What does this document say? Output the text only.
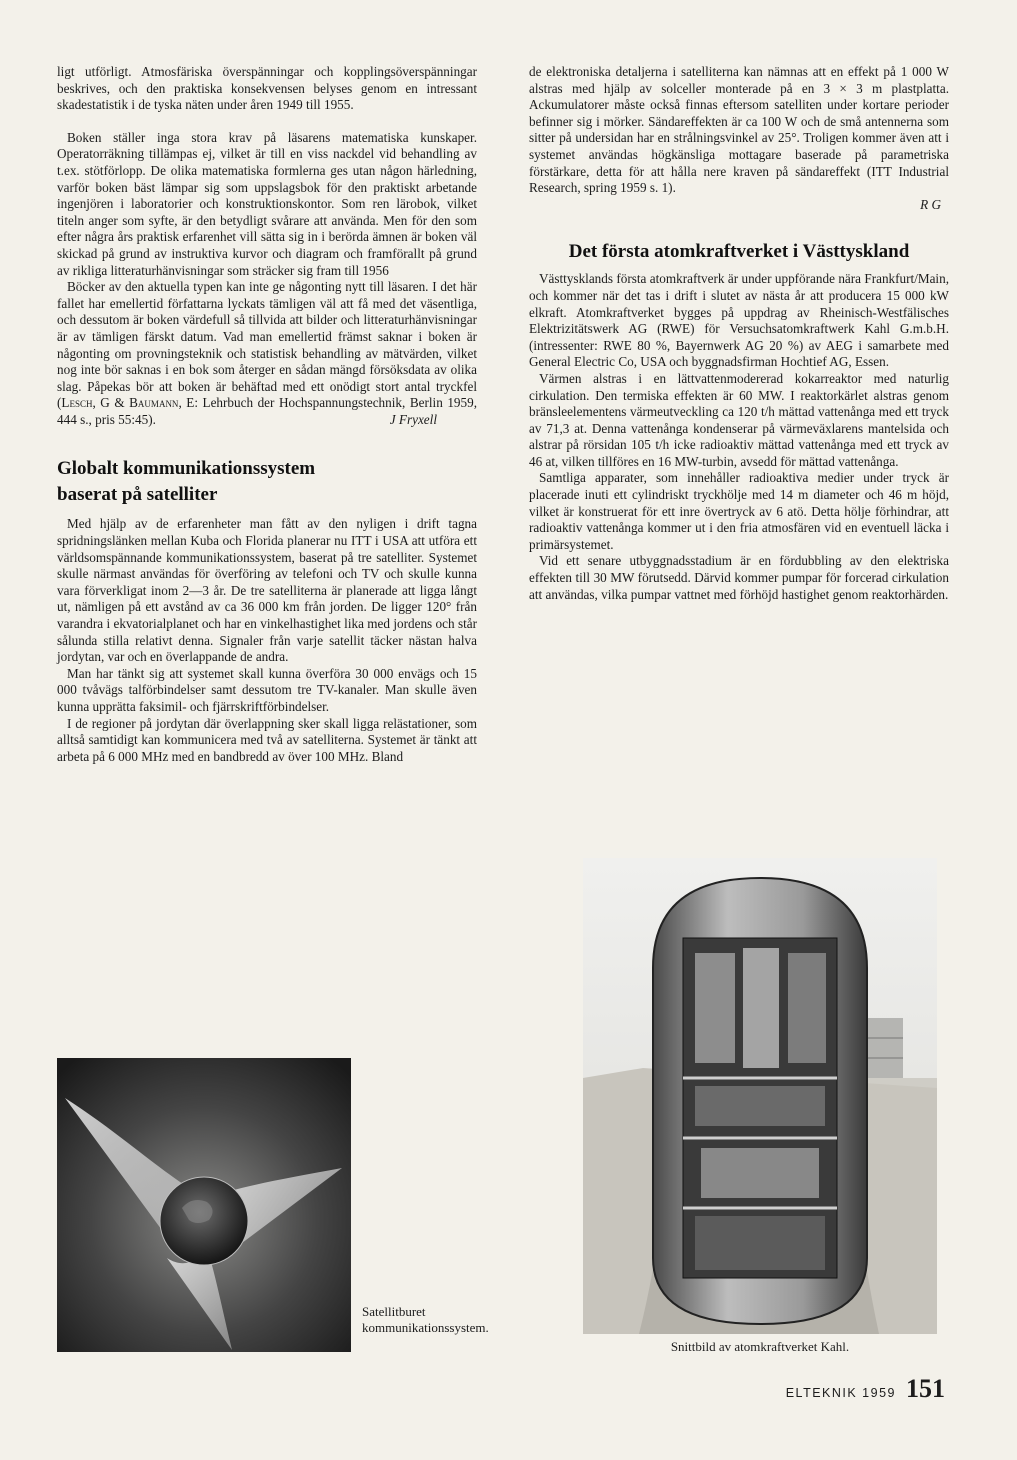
ligt utförligt. Atmosfäriska överspänningar och kopplingsöverspänningar beskrives, och den praktiska konsekvensen belyses genom en intressant skadestatistik i de tyska näten under åren 1949 till 1955.

Boken ställer inga stora krav på läsarens matematiska kunskaper. Operatorräkning tillämpas ej, vilket är till en viss nackdel vid behandling av t.ex. stötförlopp. De olika matematiska formlerna ges utan någon härledning, varför boken bäst lämpar sig som uppslagsbok för den praktiskt arbetande ingenjören i laboratorier och konstruktionskontor. Som ren lärobok, vilket titeln anger som syfte, är den betydligt svårare att använda. Men för den som efter några års praktisk erfarenhet vill sätta sig in i berörda ämnen är boken väl skickad på grund av instruktiva kurvor och diagram och framförallt på grund av rikliga litteraturhänvisningar som sträcker sig fram till 1956

Böcker av den aktuella typen kan inte ge någonting nytt till läsaren. I det här fallet har emellertid författarna lyckats tämligen väl att få med det väsentliga, och dessutom är boken värdefull så tillvida att bilder och litteraturhänvisningar är av tämligen färskt datum. Vad man emellertid främst saknar i boken är någonting om provningsteknik och statistisk behandling av mätvärden, vilket nog inte bör saknas i en bok som återger en sådan mängd försöksdata av olika slag. Påpekas bör att boken är behäftad med ett onödigt stort antal tryckfel (Lesch, G & Baumann, E: Lehrbuch der Hochspannungstechnik, Berlin 1959, 444 s., pris 55:45).	J Fryxell

Globalt kommunikationssystem baserat på satelliter

Med hjälp av de erfarenheter man fått av den nyligen i drift tagna spridningslänken mellan Kuba och Florida planerar nu ITT i USA att utföra ett världsomspännande kommunikationssystem, baserat på tre satelliter. Systemet skulle närmast användas för överföring av telefoni och TV och skulle kunna vara förverkligat inom 2—3 år. De tre satelliterna är planerade att ligga långt ut, nämligen på ett avstånd av ca 36 000 km från jorden. De ligger 120° från varandra i ekvatorialplanet och har en vinkelhastighet lika med jordens och står sålunda stilla relativt denna. Signaler från varje satellit täcker nästan halva jordytan, var och en överlappande de andra.

Man har tänkt sig att systemet skall kunna överföra 30 000 envägs och 15 000 tvåvägs talförbindelser samt dessutom tre TV-kanaler. Man skulle även kunna upprätta faksimil- och fjärrskriftförbindelser.

I de regioner på jordytan där överlappning sker skall ligga relästationer, som alltså samtidigt kan kommunicera med två av satelliterna. Systemet är tänkt att arbeta på 6 000 MHz med en bandbredd av över 100 MHz. Bland

de elektroniska detaljerna i satelliterna kan nämnas att en effekt på 1 000 W alstras med hjälp av solceller monterade på en 3 × 3 m plastplatta. Ackumulatorer måste också finnas eftersom satelliten under kortare perioder befinner sig i mörker. Sändareffekten är ca 100 W och de små antennerna som sitter på undersidan har en strålningsvinkel av 25°. Troligen kommer även att i systemet användas högkänsliga mottagare baserade på parametriska förstärkare, detta för att hålla nere kraven på sändareffekt (ITT Industrial Research, spring 1959 s. 1).

R G

Det första atomkraftverket i Västtyskland

Västtysklands första atomkraftverk är under uppförande nära Frankfurt/Main, och kommer när det tas i drift i slutet av nästa år att producera 15 000 kW elkraft. Atomkraftverket bygges på uppdrag av Rheinisch-Westfälisches Elektrizitätswerk AG (RWE) för Versuchsatomkraftwerk Kahl G.m.b.H. (intressenter: RWE 80 %, Bayernwerk AG 20 %) av AEG i samarbete med General Electric Co, USA och byggnadsfirman Hochtief AG, Essen.

Värmen alstras i en lättvattenmodererad kokarreaktor med naturlig cirkulation. Den termiska effekten är 60 MW. I reaktorkärlet alstras genom bränsleelementens värmeutveckling ca 120 t/h mättad vattenånga med ett tryck av 71,3 at. Denna vattenånga kondenserar på värmeväxlarens mantelsida och alstrar på rörsidan 105 t/h icke radioaktiv mättad vattenånga med ett tryck av 46 at, vilken tillföres en 16 MW-turbin, avsedd för mättad vattenånga.

Samtliga apparater, som innehåller radioaktiva medier under tryck är placerade inuti ett cylindriskt tryckhölje med 14 m diameter och 46 m höjd, vilket är konstruerat för ett inre övertryck av 6 atö. Detta hölje förhindrar, att radioaktiv vattenånga kommer ut i den fria atmosfären vid en eventuell läcka i primärsystemet.

Vid ett senare utbyggnadsstadium är en fördubbling av den elektriska effekten till 30 MW förutsedd. Därvid kommer pumpar för forcerad cirkulation att användas, vilka pumpar vattnet med förhöjd hastighet genom reaktorhärden.

Satellitburet kommunikationssystem.
Snittbild av atomkraftverket Kahl.
ELTEKNIK 1959 151
